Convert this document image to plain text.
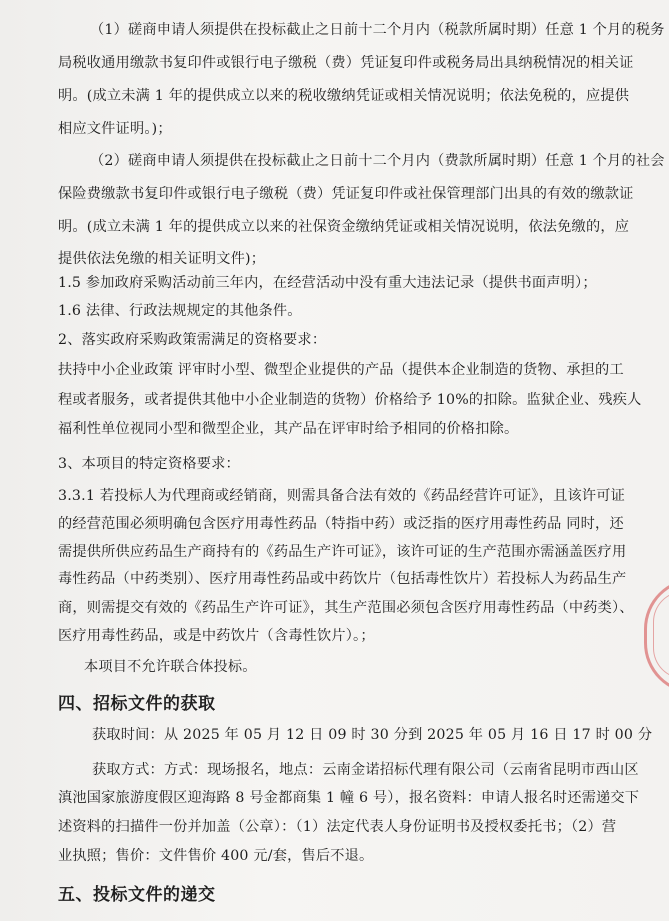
（1）磋商申请人须提供在投标截止之日前十二个月内（税款所属时期）任意 1 个月的税务
局税收通用缴款书复印件或银行电子缴税（费）凭证复印件或税务局出具纳税情况的相关证
明。(成立未满 1 年的提供成立以来的税收缴纳凭证或相关情况说明；依法免税的，应提供
相应文件证明。)；
（2）磋商申请人须提供在投标截止之日前十二个月内（费款所属时期）任意 1 个月的社会
保险费缴款书复印件或银行电子缴税（费）凭证复印件或社保管理部门出具的有效的缴款证
明。(成立未满 1 年的提供成立以来的社保资金缴纳凭证或相关情况说明，依法免缴的，应
提供依法免缴的相关证明文件)；
1.5 参加政府采购活动前三年内，在经营活动中没有重大违法记录（提供书面声明）；
1.6 法律、行政法规规定的其他条件。
2、落实政府采购政策需满足的资格要求：
扶持中小企业政策 评审时小型、微型企业提供的产品（提供本企业制造的货物、承担的工
程或者服务，或者提供其他中小企业制造的货物）价格给予 10%的扣除。监狱企业、残疾人
福利性单位视同小型和微型企业，其产品在评审时给予相同的价格扣除。
3、本项目的特定资格要求：
3.3.1 若投标人为代理商或经销商，则需具备合法有效的《药品经营许可证》，且该许可证
的经营范围必须明确包含医疗用毒性药品（特指中药）或泛指的医疗用毒性药品 同时，还
需提供所供应药品生产商持有的《药品生产许可证》，该许可证的生产范围亦需涵盖医疗用
毒性药品（中药类别）、医疗用毒性药品或中药饮片（包括毒性饮片）若投标人为药品生产
商，则需提交有效的《药品生产许可证》，其生产范围必须包含医疗用毒性药品（中药类）、
医疗用毒性药品，或是中药饮片（含毒性饮片）。；
本项目不允许联合体投标。
四、招标文件的获取
获取时间：从 2025 年 05 月 12 日 09 时 30 分到 2025 年 05 月 16 日 17 时 00 分
获取方式：方式：现场报名，地点：云南金诺招标代理有限公司（云南省昆明市西山区
滇池国家旅游度假区迎海路 8 号金都商集 1 幢 6 号），报名资料：申请人报名时还需递交下
述资料的扫描件一份并加盖（公章）：（1）法定代表人身份证明书及授权委托书；（2）营
业执照；售价：文件售价 400 元/套，售后不退。
五、投标文件的递交
